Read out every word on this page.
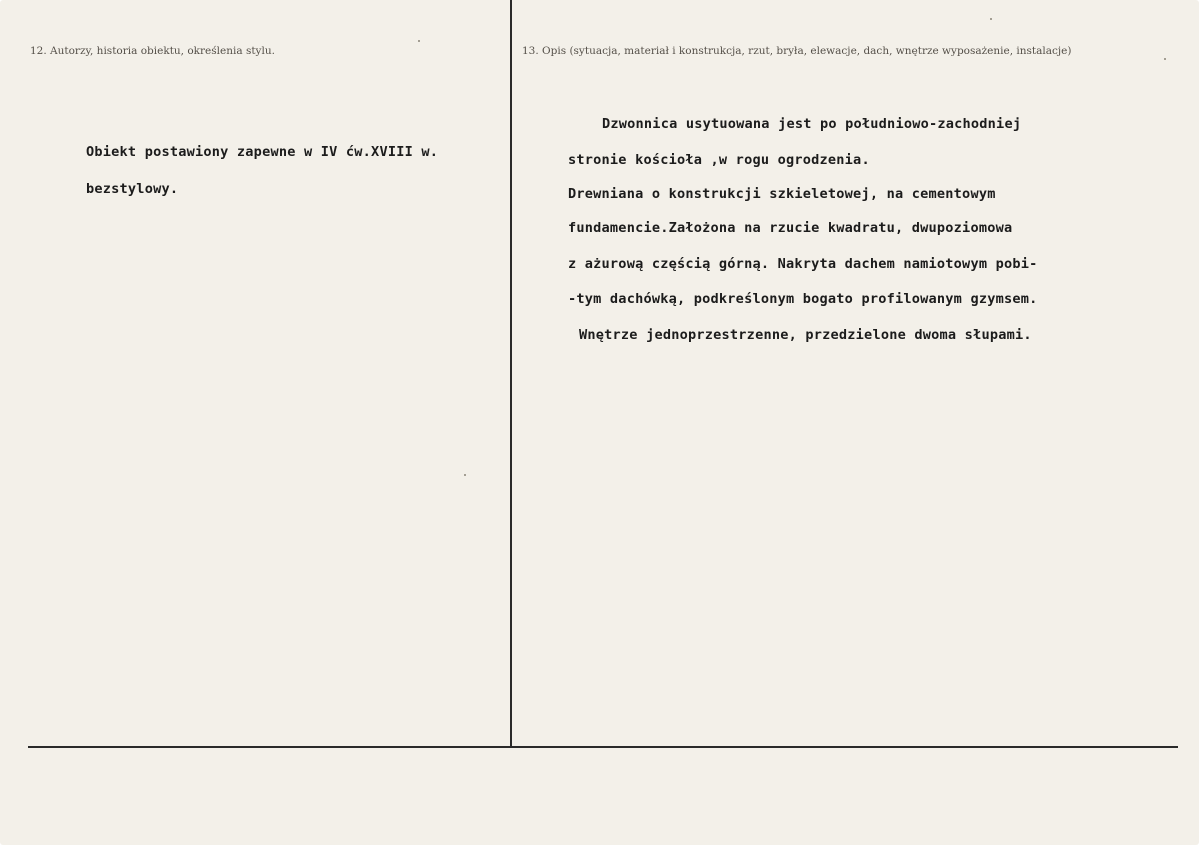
12. Autorzy, historia obiektu, określenia stylu.	13. Opis (sytuacja, materiał i konstrukcja, rzut, bryła, elewacje, dach, wnętrze wyposażenie, instalacje)
Obiekt postawiony zapewne w IV ćw.XVIII w.
bezstylowy.
Dzwonnica usytuowana jest po południowo-zachodniej
stronie kościoła ,w rogu ogrodzenia.
Drewniana o konstrukcji szkieletowej, na cementowym
fundamencie.Założona na rzucie kwadratu, dwupoziomowa
z ażurową częścią górną. Nakryta dachem namiotowym pobi-
-tym dachówką, podkreślonym bogato profilowanym gzymsem.
Wnętrze jednoprzestrzenne, przedzielone dwoma słupami.
